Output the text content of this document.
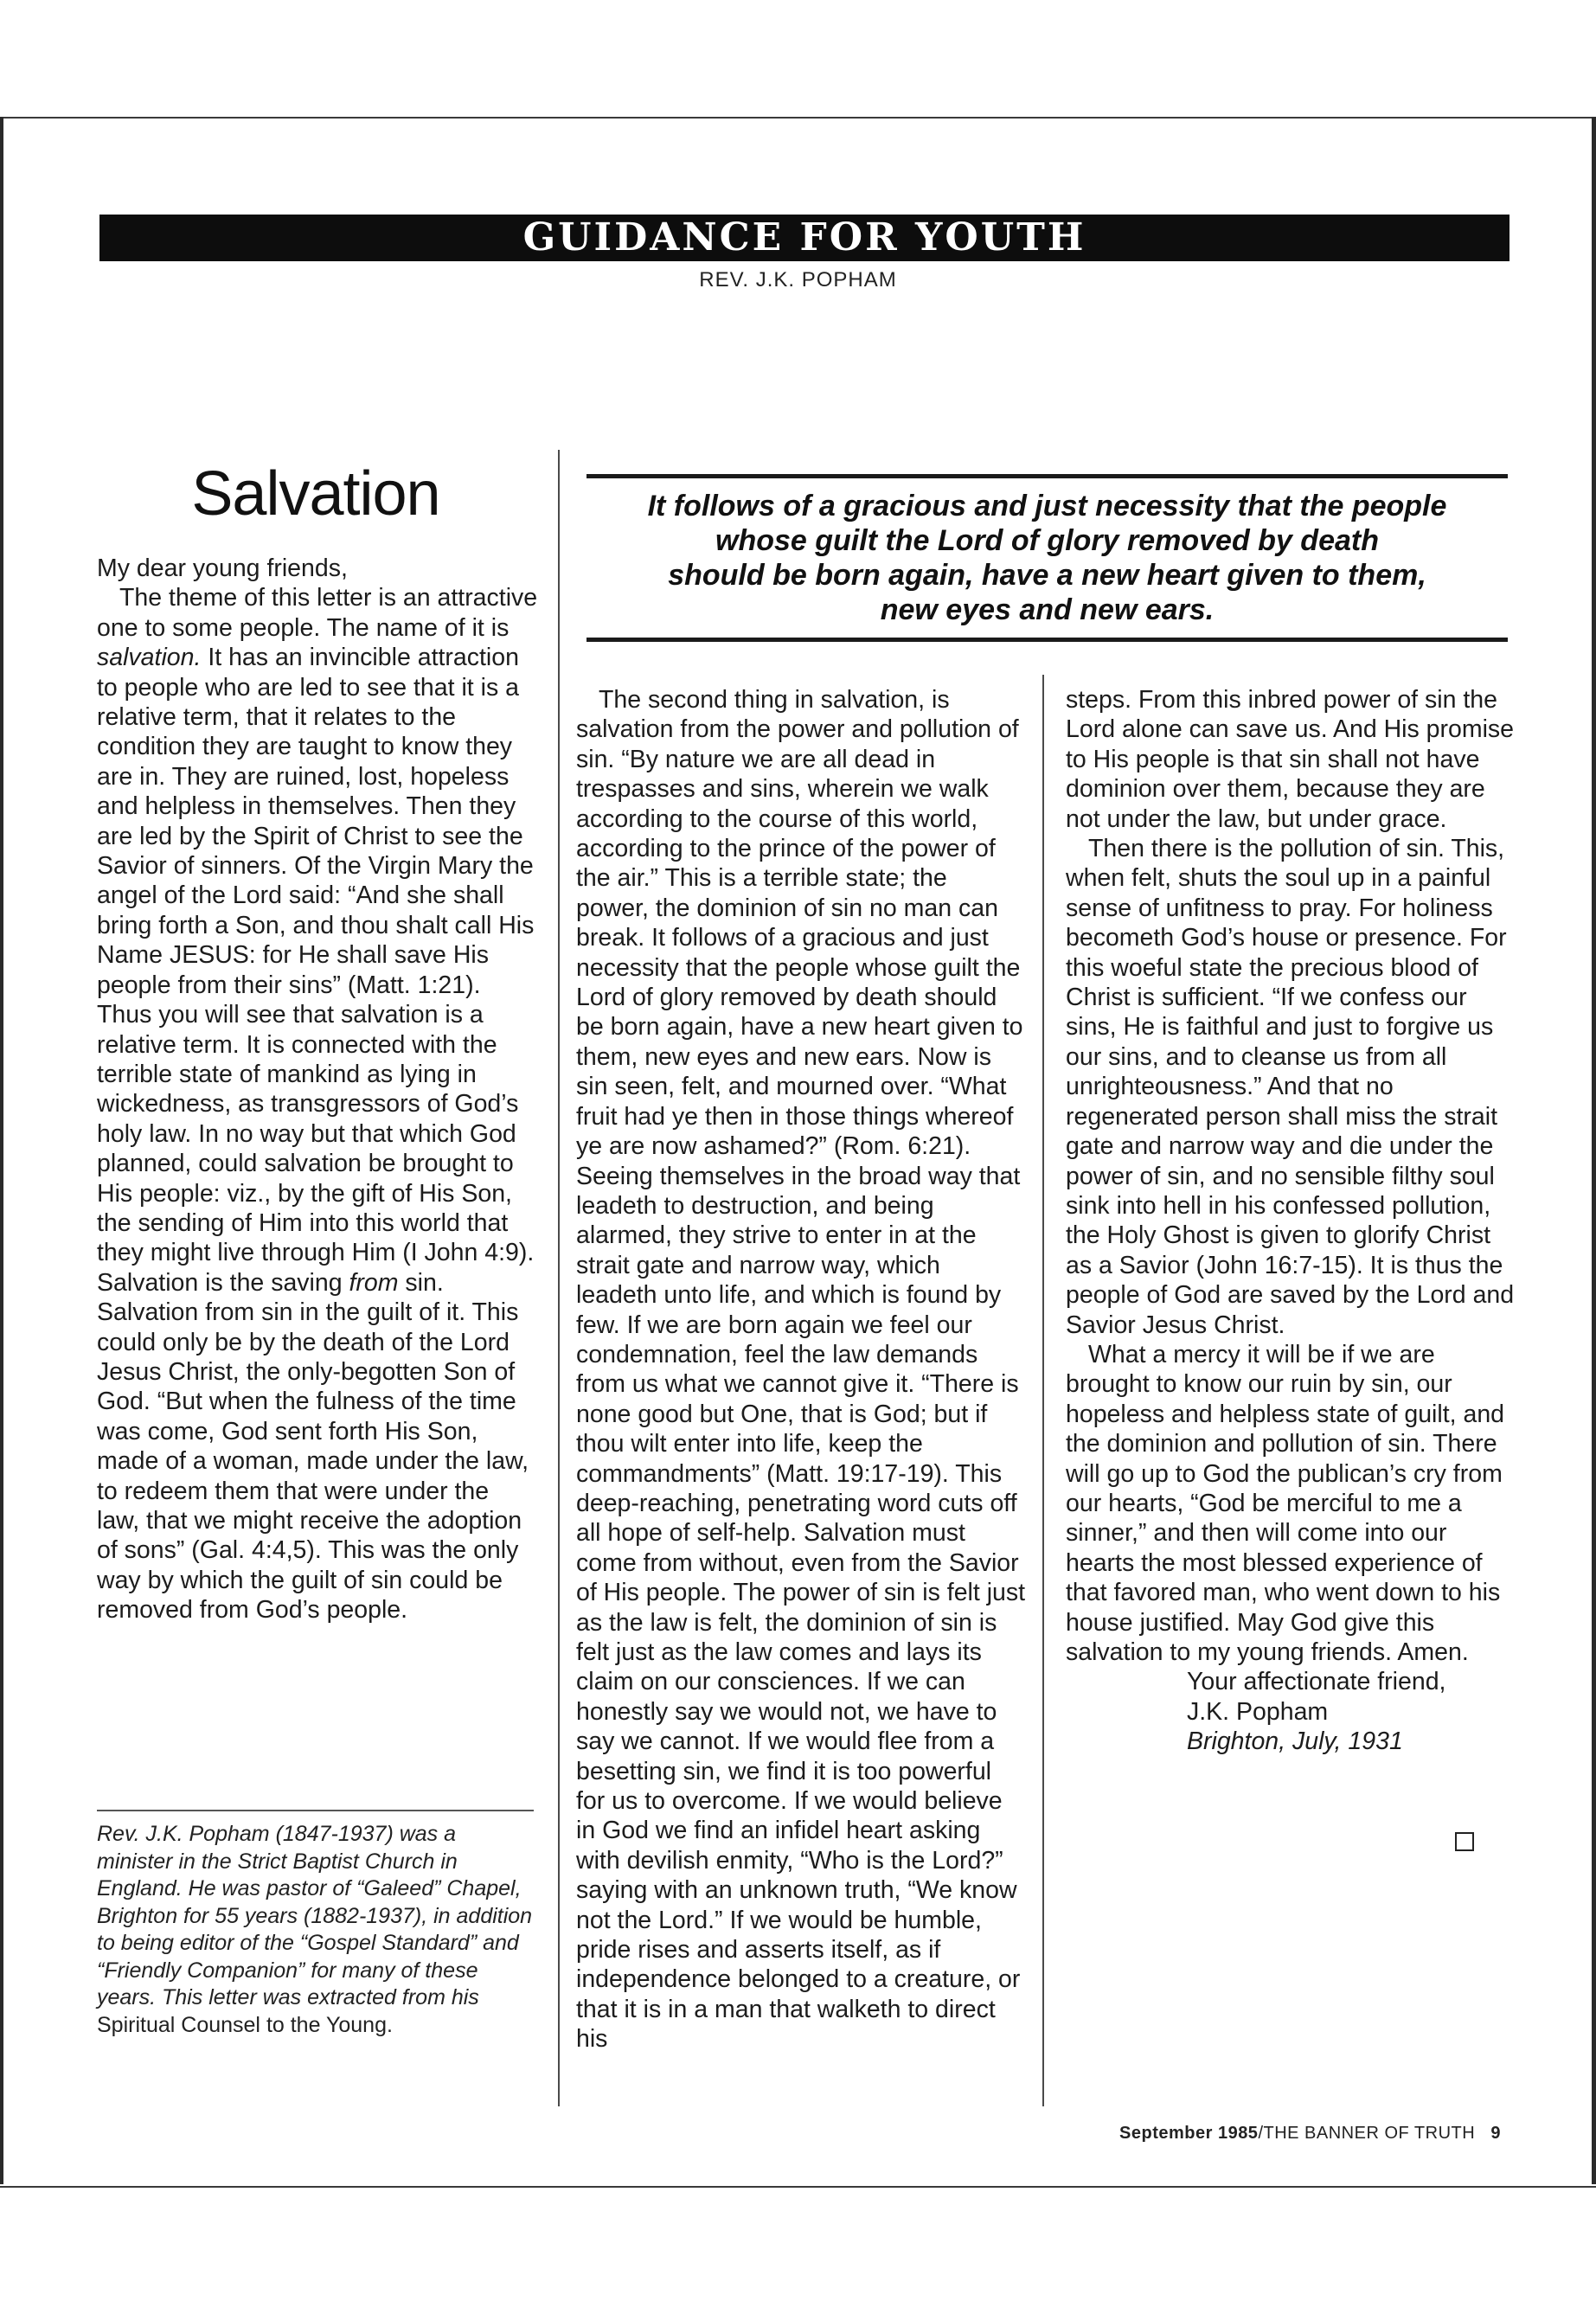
GUIDANCE FOR YOUTH
REV. J.K. POPHAM
Salvation

My dear young friends,

The theme of this letter is an attractive one to some people. The name of it is salvation. It has an invincible attraction to people who are led to see that it is a relative term, that it relates to the condition they are taught to know they are in. They are ruined, lost, hopeless and helpless in themselves. Then they are led by the Spirit of Christ to see the Savior of sinners. Of the Virgin Mary the angel of the Lord said: “And she shall bring forth a Son, and thou shalt call His Name JESUS: for He shall save His people from their sins” (Matt. 1:21). Thus you will see that salvation is a relative term. It is connected with the terrible state of mankind as lying in wickedness, as transgressors of God’s holy law. In no way but that which God planned, could salvation be brought to His people: viz., by the gift of His Son, the sending of Him into this world that they might live through Him (I John 4:9). Salvation is the saving from sin. Salvation from sin in the guilt of it. This could only be by the death of the Lord Jesus Christ, the only-begotten Son of God. “But when the fulness of the time was come, God sent forth His Son, made of a woman, made under the law, to redeem them that were under the law, that we might receive the adoption of sons” (Gal. 4:4,5). This was the only way by which the guilt of sin could be removed from God’s people.

It follows of a gracious and just necessity that the people
whose guilt the Lord of glory removed by death
should be born again, have a new heart given to them,
new eyes and new ears.

The second thing in salvation, is salvation from the power and pollution of sin. “By nature we are all dead in trespasses and sins, wherein we walk according to the course of this world, according to the prince of the power of the air.” This is a terrible state; the power, the dominion of sin no man can break. It follows of a gracious and just necessity that the people whose guilt the Lord of glory removed by death should be born again, have a new heart given to them, new eyes and new ears. Now is sin seen, felt, and mourned over. “What fruit had ye then in those things whereof ye are now ashamed?” (Rom. 6:21). Seeing themselves in the broad way that leadeth to destruction, and being alarmed, they strive to enter in at the strait gate and narrow way, which leadeth unto life, and which is found by few. If we are born again we feel our condemnation, feel the law demands from us what we cannot give it. “There is none good but One, that is God; but if thou wilt enter into life, keep the commandments” (Matt. 19:17-19). This deep-reaching, penetrating word cuts off all hope of self-help. Salvation must come from without, even from the Savior of His people. The power of sin is felt just as the law is felt, the dominion of sin is felt just as the law comes and lays its claim on our consciences. If we can honestly say we would not, we have to say we cannot. If we would flee from a besetting sin, we find it is too powerful for us to overcome. If we would believe in God we find an infidel heart asking with devilish enmity, “Who is the Lord?” saying with an unknown truth, “We know not the Lord.” If we would be humble, pride rises and asserts itself, as if independence belonged to a creature, or that it is in a man that walketh to direct his

steps. From this inbred power of sin the Lord alone can save us. And His promise to His people is that sin shall not have dominion over them, because they are not under the law, but under grace.

Then there is the pollution of sin. This, when felt, shuts the soul up in a painful sense of unfitness to pray. For holiness becometh God’s house or presence. For this woeful state the precious blood of Christ is sufficient. “If we confess our sins, He is faithful and just to forgive us our sins, and to cleanse us from all unrighteousness.” And that no regenerated person shall miss the strait gate and narrow way and die under the power of sin, and no sensible filthy soul sink into hell in his confessed pollution, the Holy Ghost is given to glorify Christ as a Savior (John 16:7-15). It is thus the people of God are saved by the Lord and Savior Jesus Christ.

What a mercy it will be if we are brought to know our ruin by sin, our hopeless and helpless state of guilt, and the dominion and pollution of sin. There will go up to God the publican’s cry from our hearts, “God be merciful to me a sinner,” and then will come into our hearts the most blessed experience of that favored man, who went down to his house justified. May God give this salvation to my young friends. Amen.

Your affectionate friend,

J.K. Popham

Brighton, July, 1931

Rev. J.K. Popham (1847-1937) was a minister in the Strict Baptist Church in England. He was pastor of “Galeed” Chapel, Brighton for 55 years (1882-1937), in addition to being editor of the “Gospel Standard” and “Friendly Companion” for many of these years. This letter was extracted from his Spiritual Counsel to the Young.

September 1985/THE BANNER OF TRUTH 9
